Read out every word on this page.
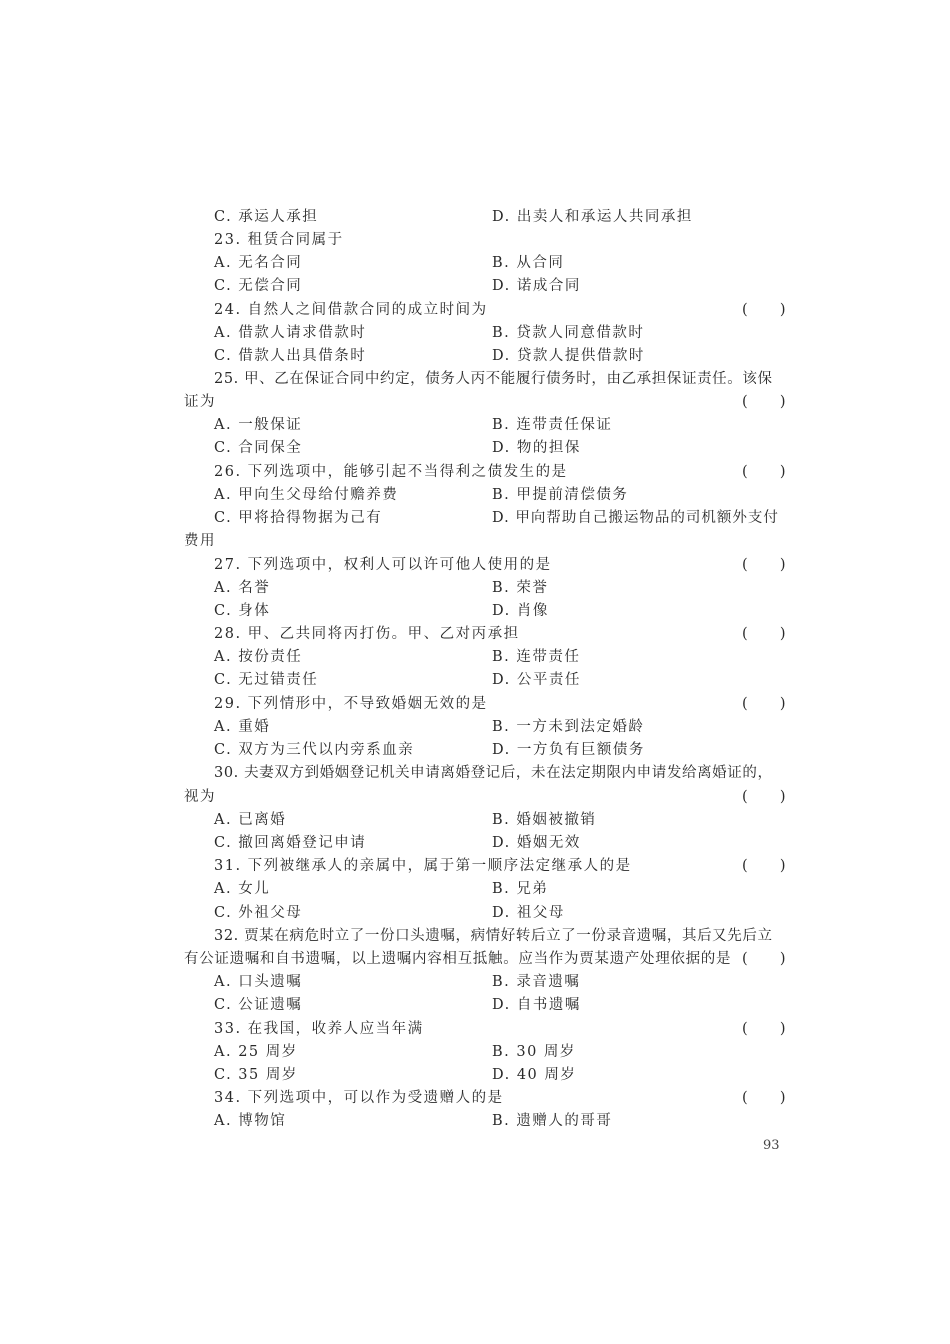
C. 承运人承担	D. 出卖人和承运人共同承担
23. 租赁合同属于
A. 无名合同	B. 从合同
C. 无偿合同	D. 诺成合同
24. 自然人之间借款合同的成立时间为	(       )
A. 借款人请求借款时	B. 贷款人同意借款时
C. 借款人出具借条时	D. 贷款人提供借款时
25. 甲、乙在保证合同中约定，债务人丙不能履行债务时，由乙承担保证责任。该保
证为	(       )
A. 一般保证	B. 连带责任保证
C. 合同保全	D. 物的担保
26. 下列选项中，能够引起不当得利之债发生的是	(       )
A. 甲向生父母给付赡养费	B. 甲提前清偿债务
C. 甲将拾得物据为己有	D. 甲向帮助自己搬运物品的司机额外支付
费用
27. 下列选项中，权利人可以许可他人使用的是	(       )
A. 名誉	B. 荣誉
C. 身体	D. 肖像
28. 甲、乙共同将丙打伤。甲、乙对丙承担	(       )
A. 按份责任	B. 连带责任
C. 无过错责任	D. 公平责任
29. 下列情形中，不导致婚姻无效的是	(       )
A. 重婚	B. 一方未到法定婚龄
C. 双方为三代以内旁系血亲	D. 一方负有巨额债务
30. 夫妻双方到婚姻登记机关申请离婚登记后，未在法定期限内申请发给离婚证的，
视为	(       )
A. 已离婚	B. 婚姻被撤销
C. 撤回离婚登记申请	D. 婚姻无效
31. 下列被继承人的亲属中，属于第一顺序法定继承人的是	(       )
A. 女儿	B. 兄弟
C. 外祖父母	D. 祖父母
32. 贾某在病危时立了一份口头遗嘱，病情好转后立了一份录音遗嘱，其后又先后立
有公证遗嘱和自书遗嘱，以上遗嘱内容相互抵触。应当作为贾某遗产处理依据的是 (       )
A. 口头遗嘱	B. 录音遗嘱
C. 公证遗嘱	D. 自书遗嘱
33. 在我国，收养人应当年满	(       )
A. 25 周岁	B. 30 周岁
C. 35 周岁	D. 40 周岁
34. 下列选项中，可以作为受遗赠人的是	(       )
A. 博物馆	B. 遗赠人的哥哥
93
